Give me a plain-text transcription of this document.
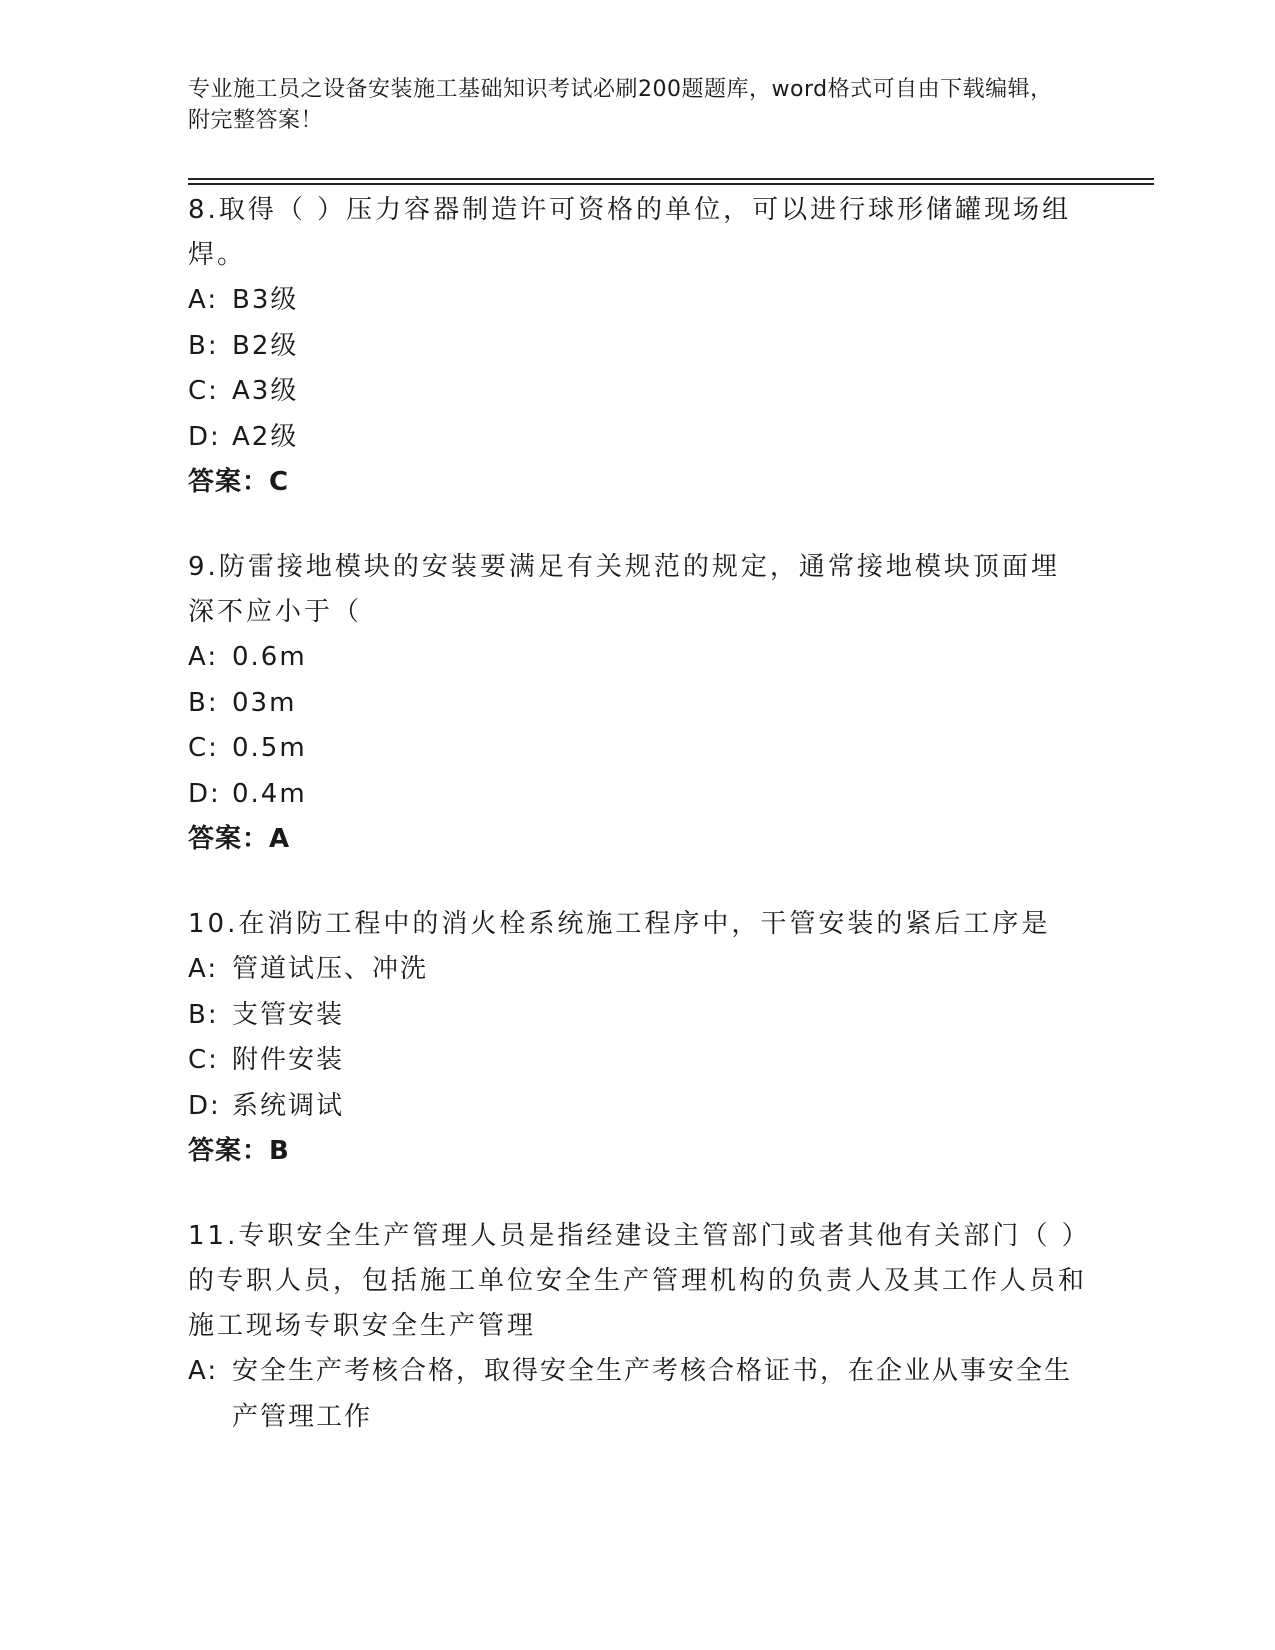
专业施工员之设备安装施工基础知识考试必刷200题题库，word格式可自由下载编辑，附完整答案！

8.取得（ ）压力容器制造许可资格的单位，可以进行球形储罐现场组焊。

A: B3级

B: B2级

C: A3级

D: A2级

答案：C

9.防雷接地模块的安装要满足有关规范的规定，通常接地模块顶面埋深不应小于（

A: 0.6m

B: 03m

C: 0.5m

D: 0.4m

答案：A

10.在消防工程中的消火栓系统施工程序中，干管安装的紧后工序是

A: 管道试压、冲洗

B: 支管安装

C: 附件安装

D: 系统调试

答案：B

11.专职安全生产管理人员是指经建设主管部门或者其他有关部门（ ）的专职人员，包括施工单位安全生产管理机构的负责人及其工作人员和施工现场专职安全生产管理

A: 安全生产考核合格，取得安全生产考核合格证书，在企业从事安全生产管理工作
